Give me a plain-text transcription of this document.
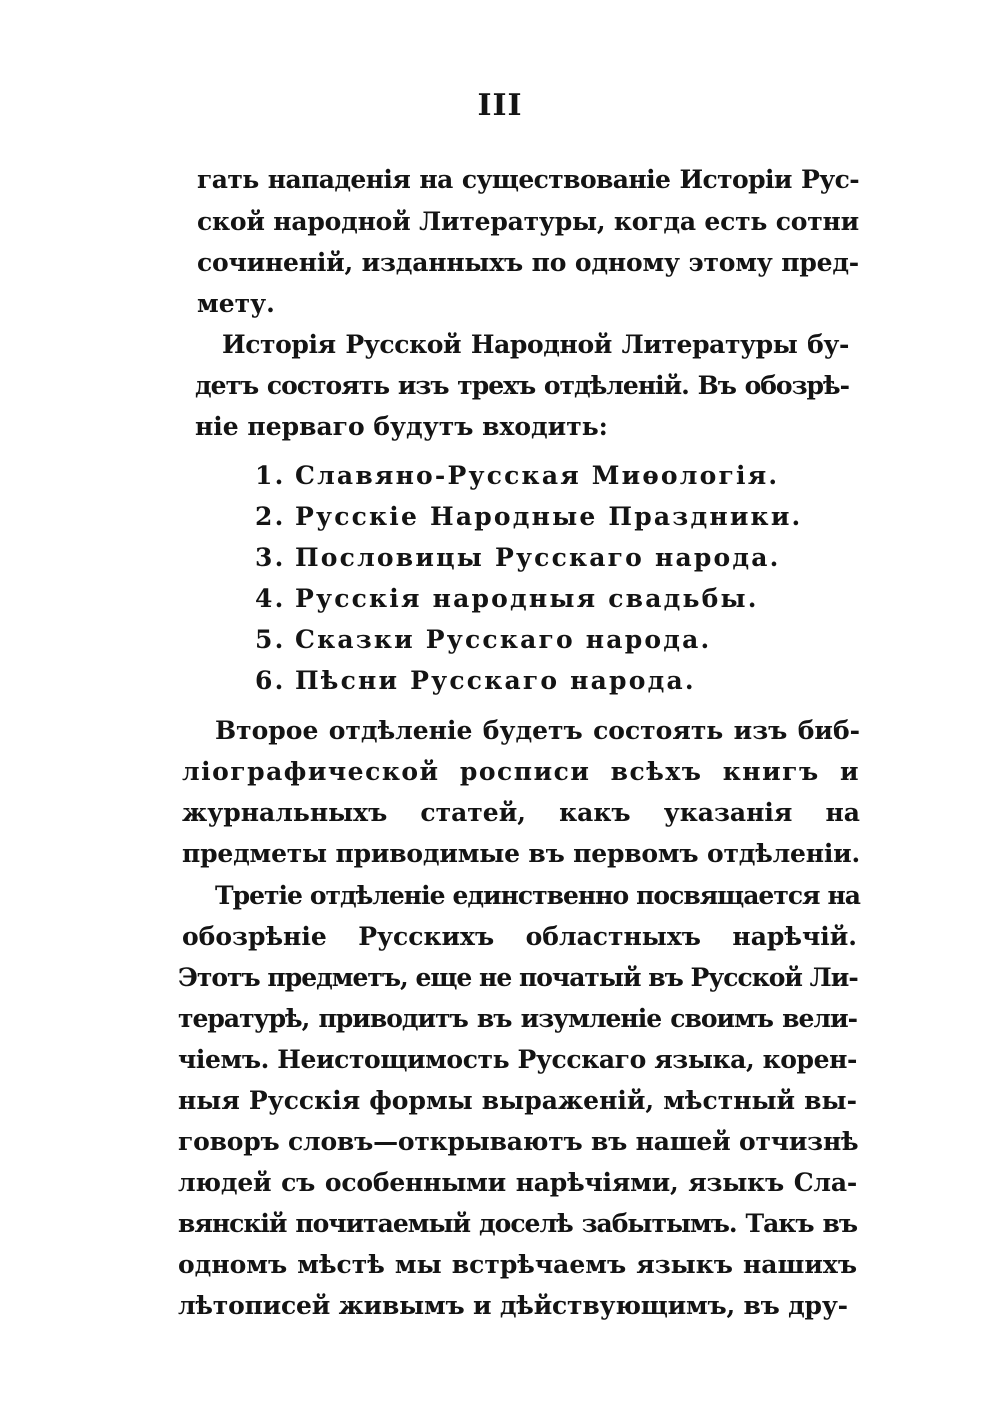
III
гать нападенія на существованіе Исторіи Рус-
ской народной Литературы, когда есть сотни
сочиненій, изданныхъ по одному этому пред-
мету.
Исторія Русской Народной Литературы бу-
детъ состоять изъ трехъ отдѣленій. Въ обозрѣ-
ніе перваго будутъ входить:
1. Славяно-Русская Миѳологія.
2. Русскіе Народные Праздники.
3. Пословицы Русскаго народа.
4. Русскія народныя свадьбы.
5. Сказки Русскаго народа.
6. Пѣсни Русскаго народа.
Второе отдѣленіе будетъ состоять изъ биб-
ліографической росписи всѣхъ книгъ и
журнальныхъ статей, какъ указанія на
предметы приводимые въ первомъ отдѣленіи.
Третіе отдѣленіе единственно посвящается на
обозрѣніе Русскихъ областныхъ нарѣчій.
Этотъ предметъ, еще не початый въ Русской Ли-
тературѣ, приводитъ въ изумленіе своимъ вели-
чіемъ. Неистощимость Русскаго языка, корен-
ныя Русскія формы выраженій, мѣстный вы-
говоръ словъ—открываютъ въ нашей отчизнѣ
людей съ особенными нарѣчіями, языкъ Сла-
вянскій почитаемый доселѣ забытымъ. Такъ въ
одномъ мѣстѣ мы встрѣчаемъ языкъ нашихъ
лѣтописей живымъ и дѣйствующимъ, въ дру-
